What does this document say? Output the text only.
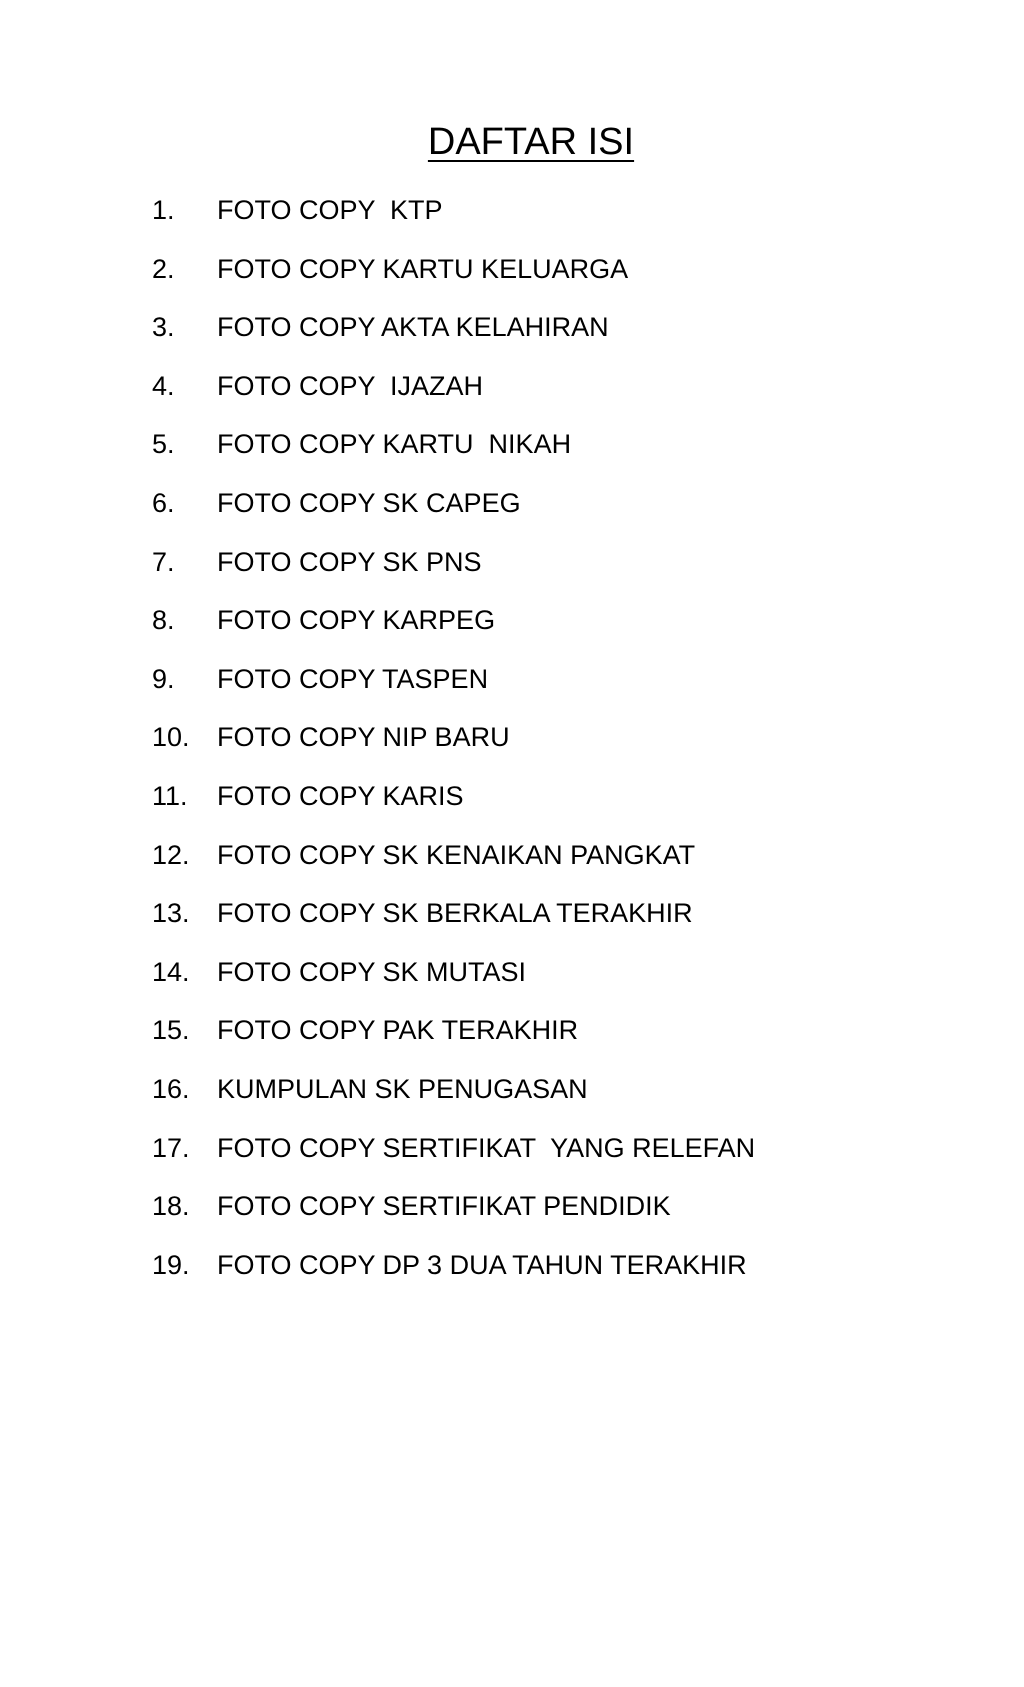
DAFTAR ISI
1. FOTO COPY  KTP
2. FOTO COPY KARTU KELUARGA
3. FOTO COPY AKTA KELAHIRAN
4. FOTO COPY  IJAZAH
5. FOTO COPY KARTU  NIKAH
6. FOTO COPY SK CAPEG
7. FOTO COPY SK PNS
8. FOTO COPY KARPEG
9. FOTO COPY TASPEN
10. FOTO COPY NIP BARU
11. FOTO COPY KARIS
12. FOTO COPY SK KENAIKAN PANGKAT
13. FOTO COPY SK BERKALA TERAKHIR
14. FOTO COPY SK MUTASI
15. FOTO COPY PAK TERAKHIR
16. KUMPULAN SK PENUGASAN
17. FOTO COPY SERTIFIKAT  YANG RELEFAN
18. FOTO COPY SERTIFIKAT PENDIDIK
19. FOTO COPY DP 3 DUA TAHUN TERAKHIR
